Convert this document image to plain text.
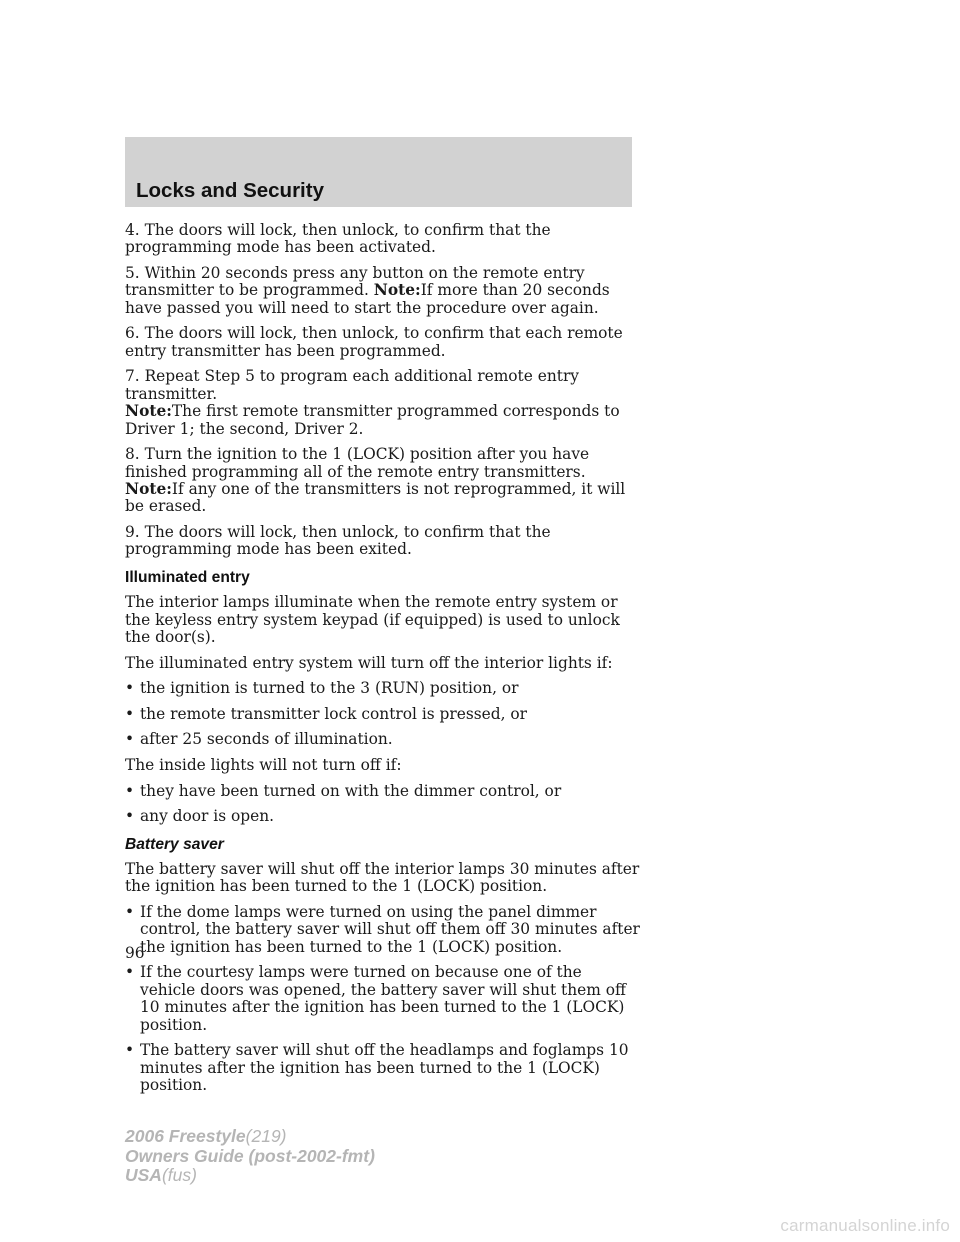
Locks and Security

4. The doors will lock, then unlock, to confirm that the programming mode has been activated.

5. Within 20 seconds press any button on the remote entry transmitter to be programmed. Note:If more than 20 seconds have passed you will need to start the procedure over again.

6. The doors will lock, then unlock, to confirm that each remote entry transmitter has been programmed.

7. Repeat Step 5 to program each additional remote entry transmitter.
Note:The first remote transmitter programmed corresponds to Driver 1; the second, Driver 2.

8. Turn the ignition to the 1 (LOCK) position after you have finished programming all of the remote entry transmitters. Note:If any one of the transmitters is not reprogrammed, it will be erased.

9. The doors will lock, then unlock, to confirm that the programming mode has been exited.

Illuminated entry

The interior lamps illuminate when the remote entry system or the keyless entry system keypad (if equipped) is used to unlock the door(s).

The illuminated entry system will turn off the interior lights if:

• the ignition is turned to the 3 (RUN) position, or
• the remote transmitter lock control is pressed, or
• after 25 seconds of illumination.

The inside lights will not turn off if:

• they have been turned on with the dimmer control, or
• any door is open.
Battery saver

The battery saver will shut off the interior lamps 30 minutes after the ignition has been turned to the 1 (LOCK) position.

• If the dome lamps were turned on using the panel dimmer control, the battery saver will shut off them off 30 minutes after the ignition has been turned to the 1 (LOCK) position.
• If the courtesy lamps were turned on because one of the vehicle doors was opened, the battery saver will shut them off 10 minutes after the ignition has been turned to the 1 (LOCK) position.
• The battery saver will shut off the headlamps and foglamps 10 minutes after the ignition has been turned to the 1 (LOCK) position.
96
2006 Freestyle(219)
Owners Guide (post-2002-fmt)
USA(fus)
carmanualsonline.info
